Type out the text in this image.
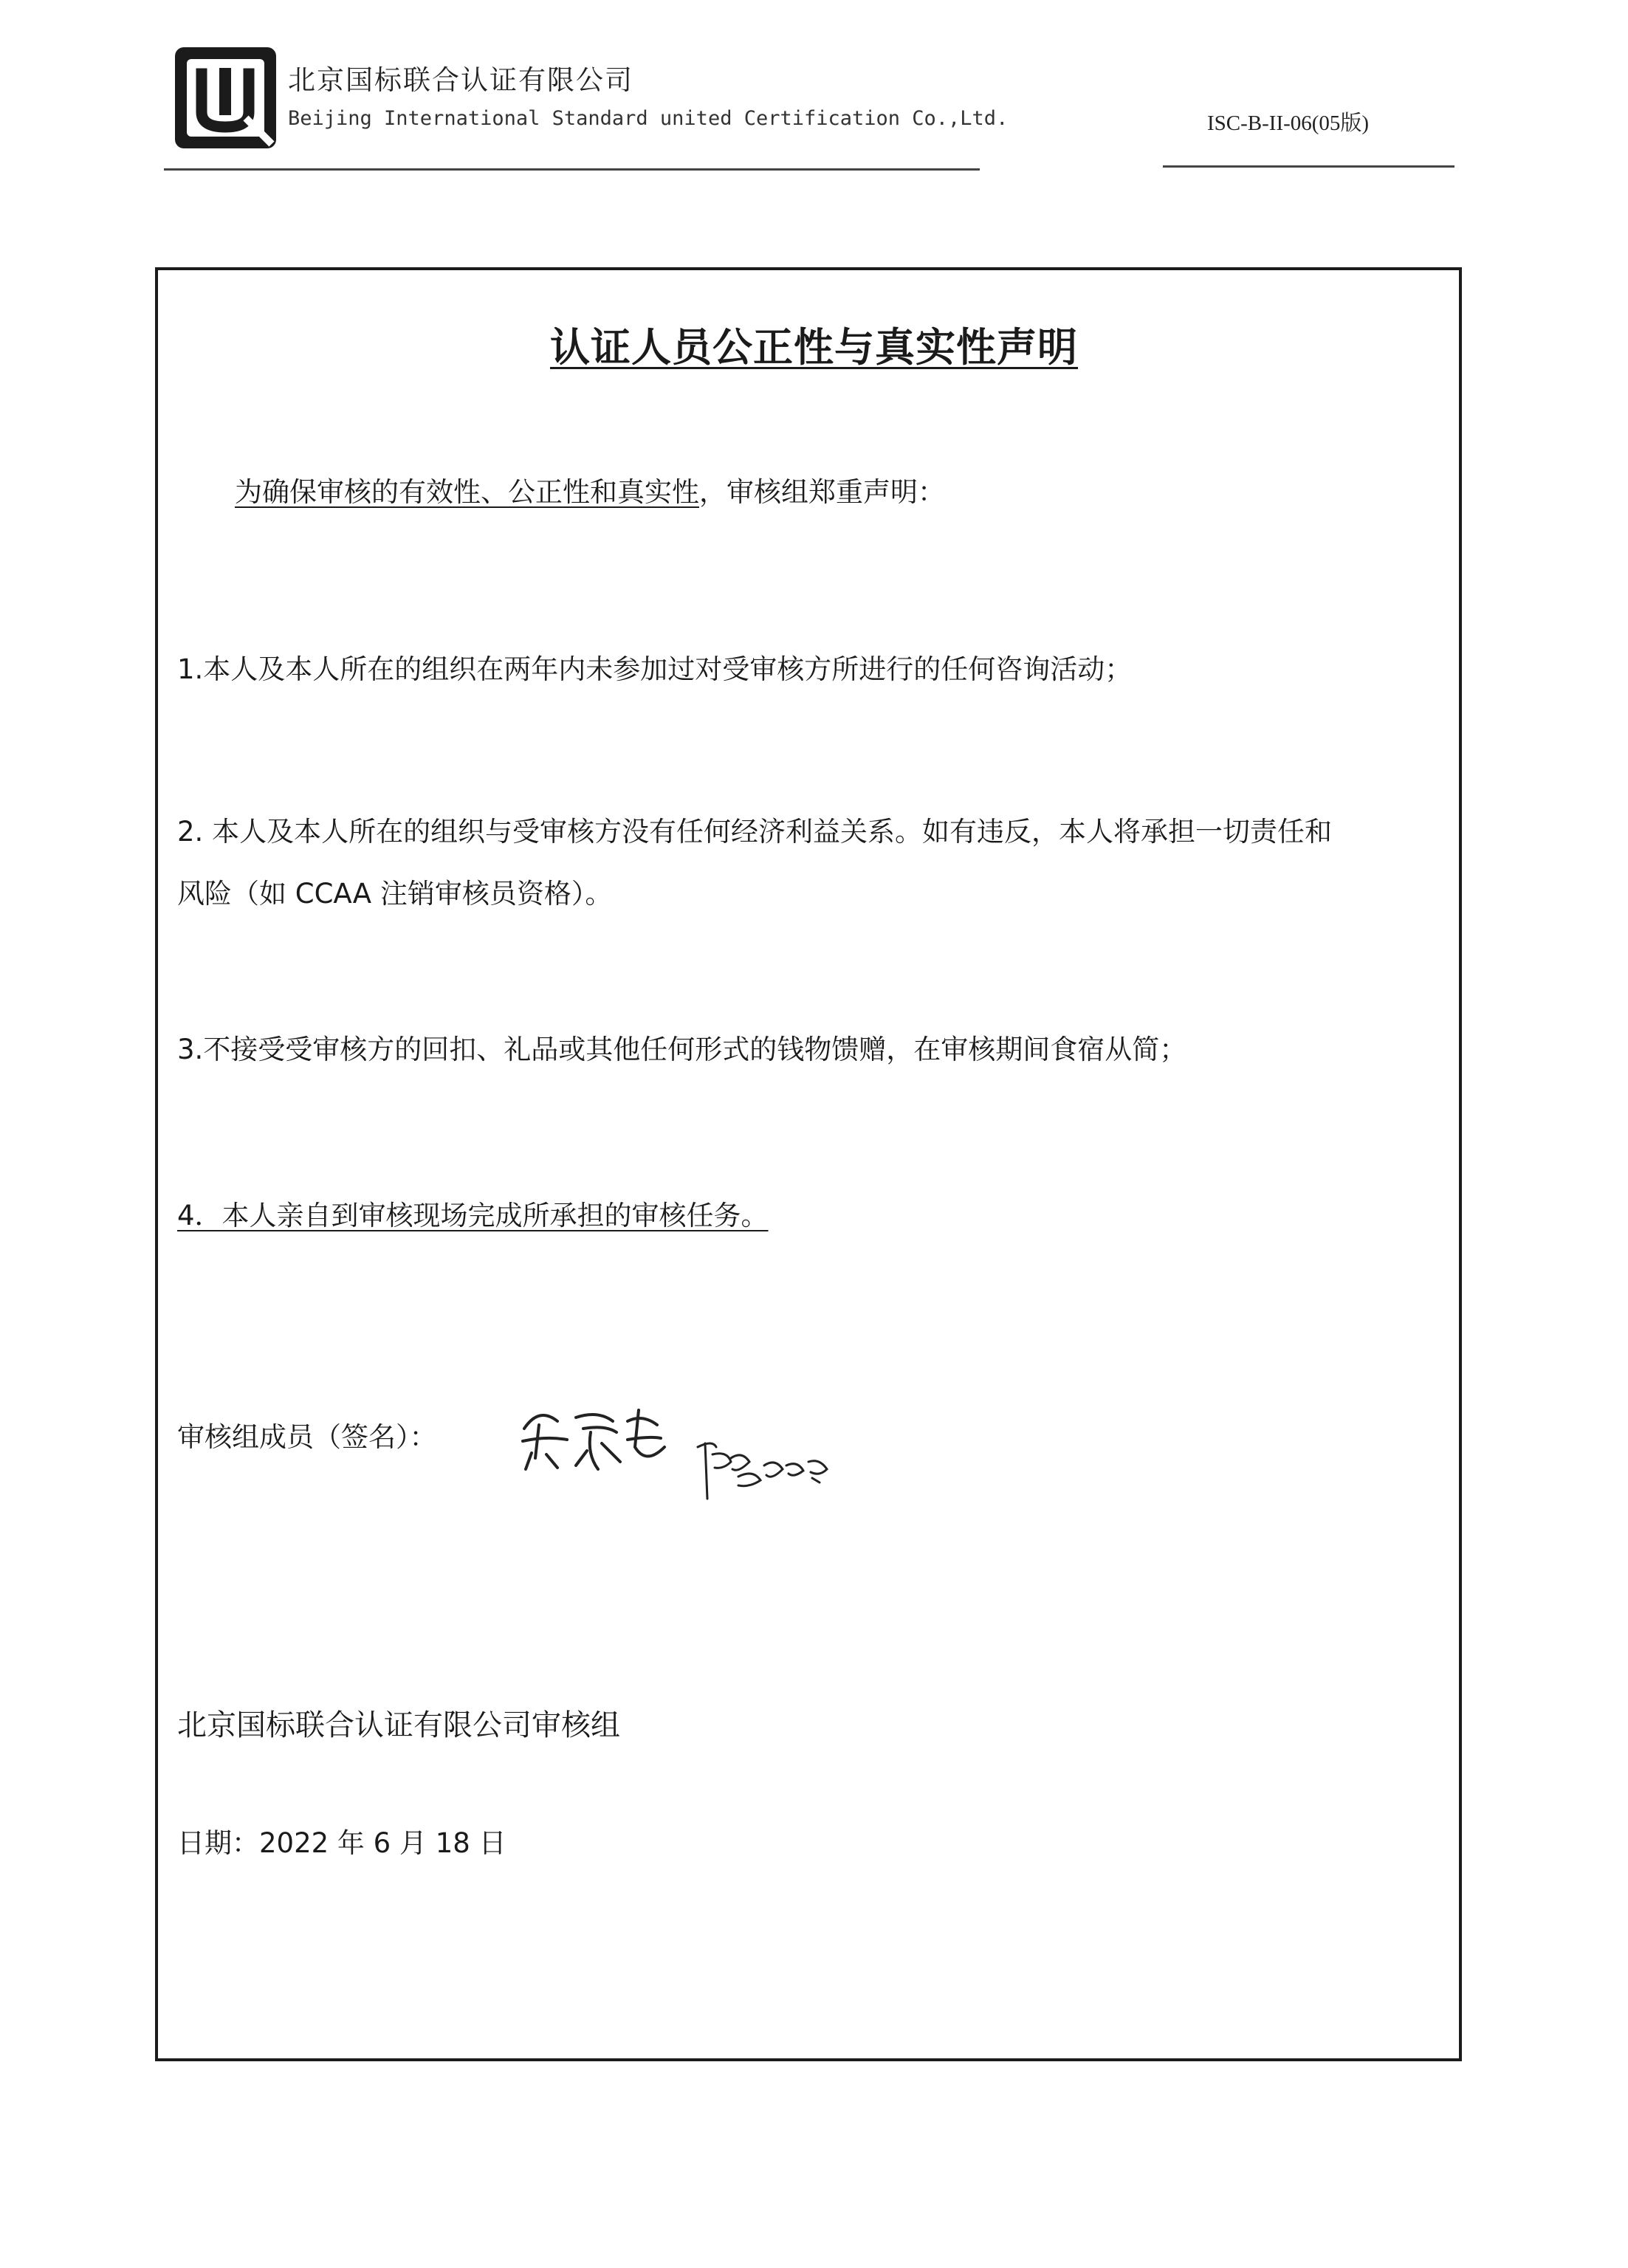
北京国标联合认证有限公司
Beijing International Standard united Certification Co.,Ltd.	ISC-B-II-06(05版)
认证人员公正性与真实性声明
为确保审核的有效性、公正性和真实性，审核组郑重声明：
1.本人及本人所在的组织在两年内未参加过对受审核方所进行的任何咨询活动；
2. 本人及本人所在的组织与受审核方没有任何经济利益关系。如有违反，本人将承担一切责任和
风险（如 CCAA 注销审核员资格）。
3.不接受受审核方的回扣、礼品或其他任何形式的钱物馈赠，在审核期间食宿从简；
4．本人亲自到审核现场完成所承担的审核任务。
审核组成员（签名）：
北京国标联合认证有限公司审核组
日期：2022 年 6 月 18 日
